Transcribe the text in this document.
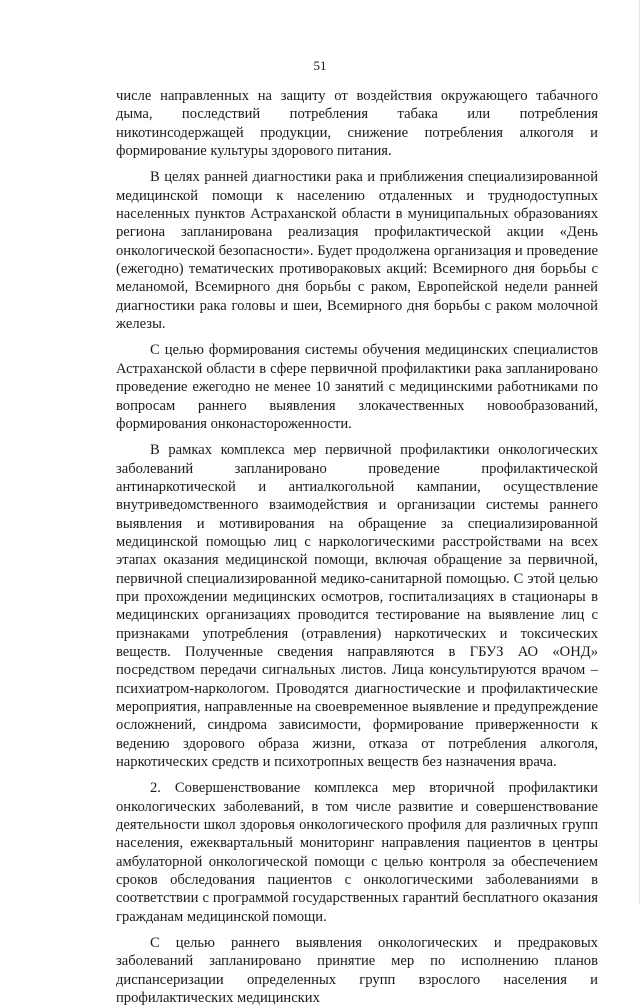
51

числе направленных на защиту от воздействия окружающего табачного дыма, последствий потребления табака или потребления никотинсодержащей продукции, снижение потребления алкоголя и формирование культуры здорового питания.

В целях ранней диагностики рака и приближения специализированной медицинской помощи к населению отдаленных и труднодоступных населенных пунктов Астраханской области в муниципальных образованиях региона запланирована реализация профилактической акции «День онкологической безопасности». Будет продолжена организация и проведение (ежегодно) тематических противораковых акций: Всемирного дня борьбы с меланомой, Всемирного дня борьбы с раком, Европейской недели ранней диагностики рака головы и шеи, Всемирного дня борьбы с раком молочной железы.

С целью формирования системы обучения медицинских специалистов Астраханской области в сфере первичной профилактики рака запланировано проведение ежегодно не менее 10 занятий с медицинскими работниками по вопросам раннего выявления злокачественных новообразований, формирования онконастороженности.

В рамках комплекса мер первичной профилактики онкологических заболеваний запланировано проведение профилактической антинаркотической и антиалкогольной кампании, осуществление внутриведомственного взаимодействия и организации системы раннего выявления и мотивирования на обращение за специализированной медицинской помощью лиц с наркологическими расстройствами на всех этапах оказания медицинской помощи, включая обращение за первичной, первичной специализированной медико-санитарной помощью. С этой целью при прохождении медицинских осмотров, госпитализациях в стационары в медицинских организациях проводится тестирование на выявление лиц с признаками употребления (отравления) наркотических и токсических веществ. Полученные сведения направляются в ГБУЗ АО «ОНД» посредством передачи сигнальных листов. Лица консультируются врачом – психиатром-наркологом. Проводятся диагностические и профилактические мероприятия, направленные на своевременное выявление и предупреждение осложнений, синдрома зависимости, формирование приверженности к ведению здорового образа жизни, отказа от потребления алкоголя, наркотических средств и психотропных веществ без назначения врача.

2. Совершенствование комплекса мер вторичной профилактики онкологических заболеваний, в том числе развитие и совершенствование деятельности школ здоровья онкологического профиля для различных групп населения, ежеквартальный мониторинг направления пациентов в центры амбулаторной онкологической помощи с целью контроля за обеспечением сроков обследования пациентов с онкологическими заболеваниями в соответствии с программой государственных гарантий бесплатного оказания гражданам медицинской помощи.

С целью раннего выявления онкологических и предраковых заболеваний запланировано принятие мер по исполнению планов диспансеризации определенных групп взрослого населения и профилактических медицинских
